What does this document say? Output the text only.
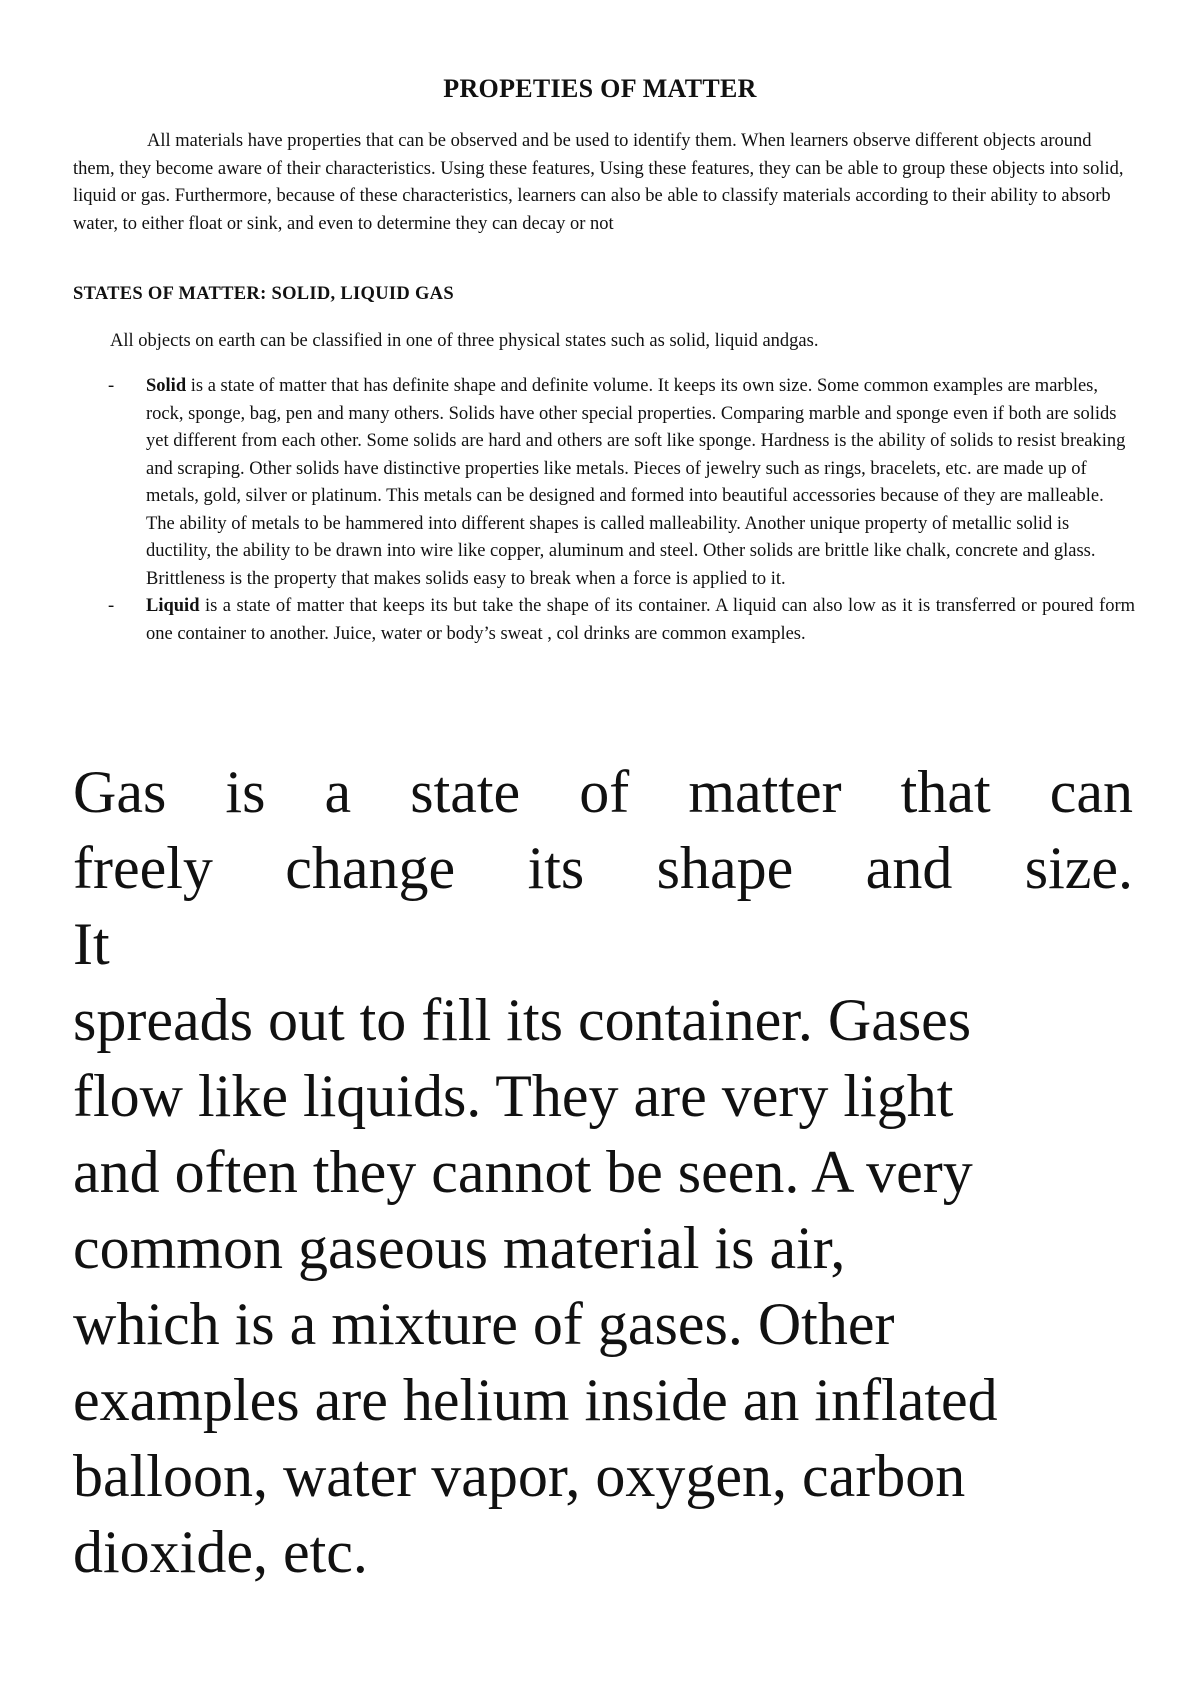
PROPETIES OF MATTER

All materials have properties that can be observed and be used to identify them. When learners observe different objects around them, they become aware of their characteristics. Using these features, Using these features, they can be able to group these objects into solid, liquid or gas. Furthermore, because of these characteristics, learners can also be able to classify materials according to their ability to absorb water, to either float or sink, and even to determine they can decay or not

STATES OF MATTER: SOLID, LIQUID GAS

All objects on earth can be classified in one of three physical states such as solid, liquid andgas.

- Solid is a state of matter that has definite shape and definite volume. It keeps its own size. Some common examples are marbles, rock, sponge, bag, pen and many others. Solids have other special properties. Comparing marble and sponge even if both are solids yet different from each other. Some solids are hard and others are soft like sponge. Hardness is the ability of solids to resist breaking and scraping. Other solids have distinctive properties like metals. Pieces of jewelry such as rings, bracelets, etc. are made up of metals, gold, silver or platinum. This metals can be designed and formed into beautiful accessories because of they are malleable. The ability of metals to be hammered into different shapes is called malleability. Another unique property of metallic solid is ductility, the ability to be drawn into wire like copper, aluminum and steel. Other solids are brittle like chalk, concrete and glass. Brittleness is the property that makes solids easy to break when a force is applied to it.
- Liquid is a state of matter that keeps its but take the shape of its container. A liquid can also low as it is transferred or poured form one container to another. Juice, water or body’s sweat , col drinks are common examples.
Gas is a state of matter that can
freely change its shape and size.
It
spreads out to fill its container. Gases
flow like liquids. They are very light
and often they cannot be seen. A very
common gaseous material is air,
which is a mixture of gases. Other
examples are helium inside an inflated
balloon, water vapor, oxygen, carbon
dioxide, etc.
